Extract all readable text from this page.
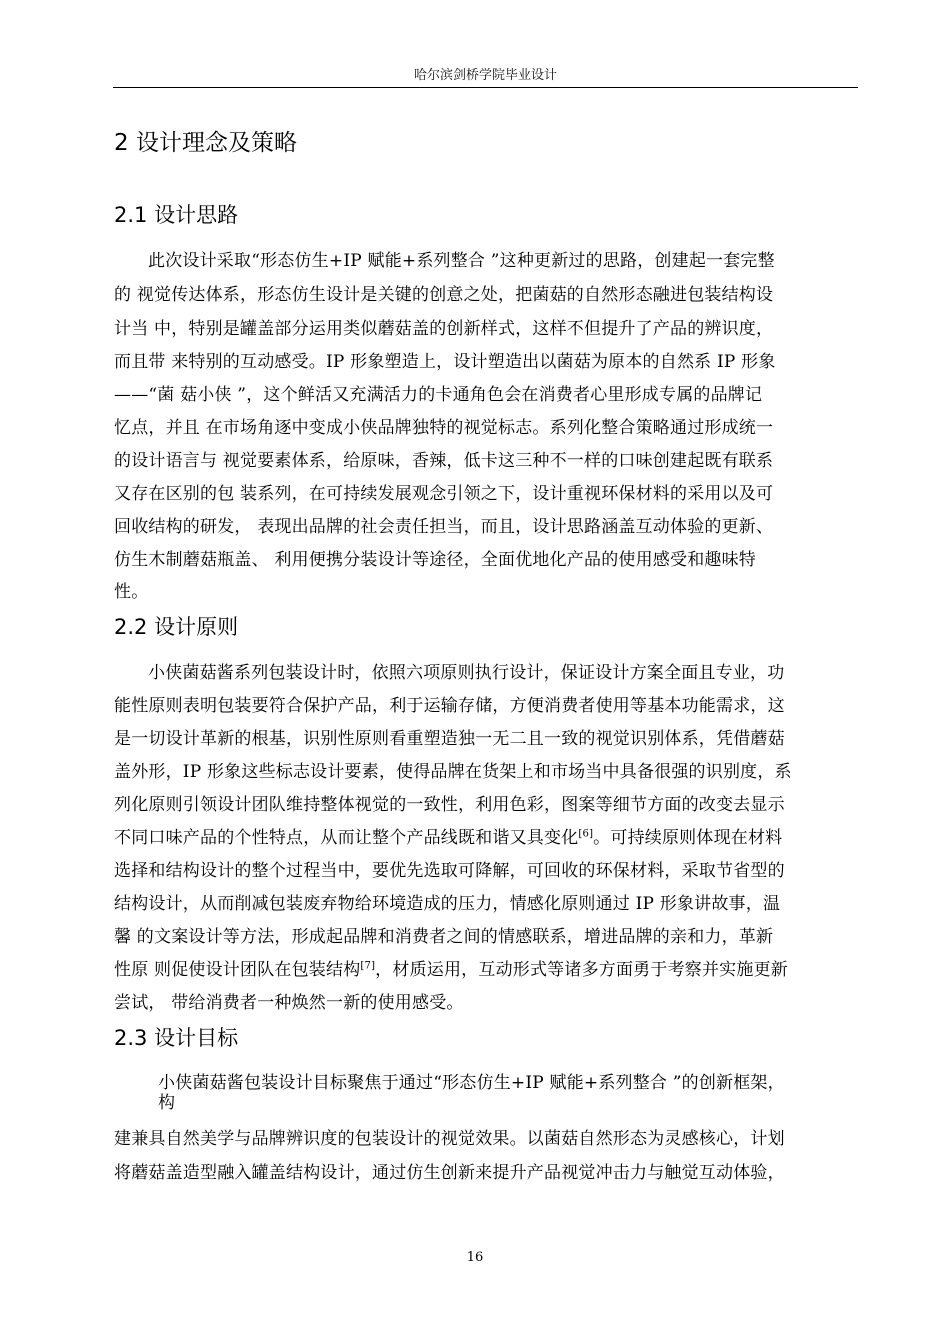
哈尔滨剑桥学院毕业设计
2 设计理念及策略
2.1 设计思路
此次设计采取“形态仿生+IP 赋能+系列整合 ”这种更新过的思路，创建起一套完整
的 视觉传达体系，形态仿生设计是关键的创意之处，把菌菇的自然形态融进包装结构设
计当 中，特别是罐盖部分运用类似蘑菇盖的创新样式，这样不但提升了产品的辨识度，
而且带 来特别的互动感受。IP 形象塑造上，设计塑造出以菌菇为原本的自然系 IP 形象
——“菌 菇小侠 ”，这个鲜活又充满活力的卡通角色会在消费者心里形成专属的品牌记
忆点，并且 在市场角逐中变成小侠品牌独特的视觉标志。系列化整合策略通过形成统一
的设计语言与 视觉要素体系，给原味，香辣，低卡这三种不一样的口味创建起既有联系
又存在区别的包 装系列，在可持续发展观念引领之下，设计重视环保材料的采用以及可
回收结构的研发， 表现出品牌的社会责任担当，而且，设计思路涵盖互动体验的更新、
仿生木制蘑菇瓶盖、 利用便携分装设计等途径，全面优地化产品的使用感受和趣味特
性。
2.2 设计原则
小侠菌菇酱系列包装设计时，依照六项原则执行设计，保证设计方案全面且专业，功
能性原则表明包装要符合保护产品，利于运输存储，方便消费者使用等基本功能需求，这
是一切设计革新的根基，识别性原则看重塑造独一无二且一致的视觉识别体系，凭借蘑菇
盖外形，IP 形象这些标志设计要素，使得品牌在货架上和市场当中具备很强的识别度，系
列化原则引领设计团队维持整体视觉的一致性，利用色彩，图案等细节方面的改变去显示
不同口味产品的个性特点，从而让整个产品线既和谐又具变化[6]。可持续原则体现在材料
选择和结构设计的整个过程当中，要优先选取可降解，可回收的环保材料，采取节省型的
结构设计，从而削减包装废弃物给环境造成的压力，情感化原则通过 IP 形象讲故事，温
馨 的文案设计等方法，形成起品牌和消费者之间的情感联系，增进品牌的亲和力，革新
性原 则促使设计团队在包装结构[7]，材质运用，互动形式等诸多方面勇于考察并实施更新
尝试， 带给消费者一种焕然一新的使用感受。
2.3 设计目标
小侠菌菇酱包装设计目标聚焦于通过“形态仿生+IP 赋能+系列整合 ”的创新框架，
构
建兼具自然美学与品牌辨识度的包装设计的视觉效果。以菌菇自然形态为灵感核心，计划
将蘑菇盖造型融入罐盖结构设计，通过仿生创新来提升产品视觉冲击力与触觉互动体验，
16
